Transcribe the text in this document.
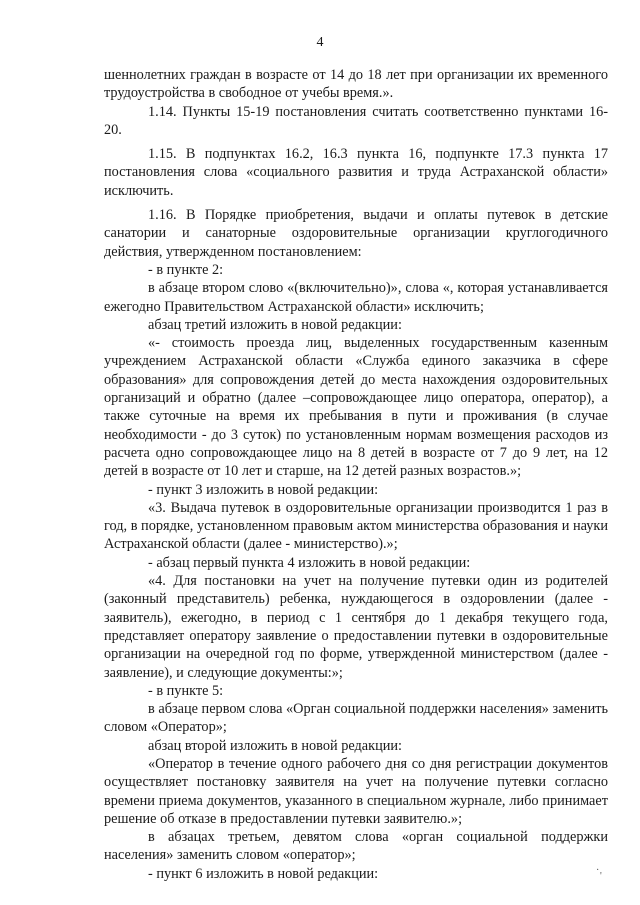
4

шеннолетних граждан в возрасте от 14 до 18 лет при организации их временного трудоустройства в свободное от учебы время.».

1.14. Пункты 15-19 постановления считать соответственно пунктами 16-20.

1.15. В подпунктах 16.2, 16.3 пункта 16, подпункте 17.3 пункта 17 постановления слова «социального развития и труда Астраханской области» исключить.

1.16. В Порядке приобретения, выдачи и оплаты путевок в детские санатории и санаторные оздоровительные организации круглогодичного действия, утвержденном постановлением:

- в пункте 2:

в абзаце втором слово «(включительно)», слова «, которая устанавливается ежегодно Правительством Астраханской области» исключить;

абзац третий изложить в новой редакции:

«- стоимость проезда лиц, выделенных государственным казенным учреждением Астраханской области «Служба единого заказчика в сфере образования» для сопровождения детей до места нахождения оздоровительных организаций и обратно (далее –сопровождающее лицо оператора, оператор), а также суточные на время их пребывания в пути и проживания (в случае необходимости - до 3 суток) по установленным нормам возмещения расходов из расчета одно сопровождающее лицо на 8 детей в возрасте от 7 до 9 лет, на 12 детей в возрасте от 10 лет и старше, на 12 детей разных возрастов.»;

- пункт 3 изложить в новой редакции:

«3. Выдача путевок в оздоровительные организации производится 1 раз в год, в порядке, установленном правовым актом министерства образования и науки Астраханской области (далее - министерство).»;

- абзац первый пункта 4 изложить в новой редакции:

«4. Для постановки на учет на получение путевки один из родителей (законный представитель) ребенка, нуждающегося в оздоровлении (далее - заявитель), ежегодно, в период с 1 сентября до 1 декабря текущего года, представляет оператору заявление о предоставлении путевки в оздоровительные организации на очередной год по форме, утвержденной министерством (далее - заявление), и следующие документы:»;

- в пункте 5:

в абзаце первом слова «Орган социальной поддержки населения» заменить словом «Оператор»;

абзац второй изложить в новой редакции:

«Оператор в течение одного рабочего дня со дня регистрации документов осуществляет постановку заявителя на учет на получение путевки согласно времени приема документов, указанного в специальном журнале, либо принимает решение об отказе в предоставлении путевки заявителю.»;

в абзацах третьем, девятом слова «орган социальной поддержки населения» заменить словом «оператор»;

- пункт 6 изложить в новой редакции:	·
'
